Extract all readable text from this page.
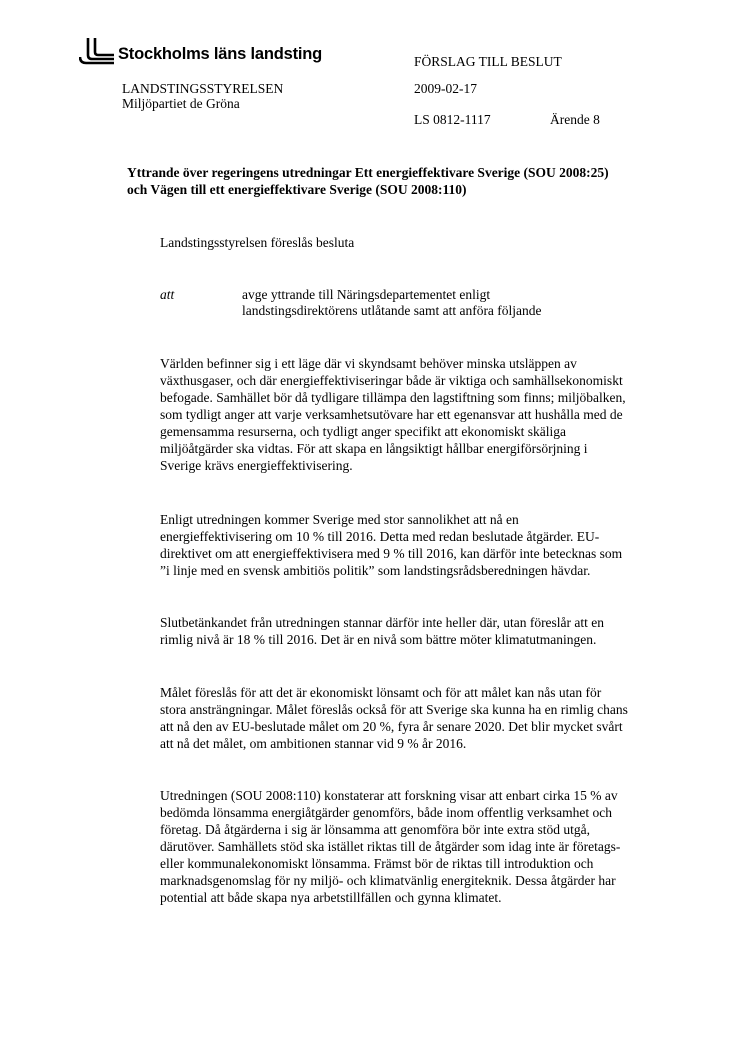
Stockholms läns landsting
LANDSTINGSSTYRELSEN
Miljöpartiet de Gröna
FÖRSLAG TILL BESLUT
2009-02-17
LS 0812-1117	Ärende 8
Yttrande över regeringens utredningar Ett energieffektivare Sverige (SOU 2008:25) och Vägen till ett energieffektivare Sverige (SOU 2008:110)
Landstingsstyrelsen föreslås besluta
att	avge yttrande till Näringsdepartementet enligt
landstingsdirektörens utlåtande samt att anföra följande
Världen befinner sig i ett läge där vi skyndsamt behöver minska utsläppen av växthusgaser, och där energieffektiviseringar både är viktiga och samhällsekonomiskt befogade. Samhället bör då tydligare tillämpa den lagstiftning som finns; miljöbalken, som tydligt anger att varje verksamhetsutövare har ett egenansvar att hushålla med de gemensamma resurserna, och tydligt anger specifikt att ekonomiskt skäliga miljöåtgärder ska vidtas. För att skapa en långsiktigt hållbar energiförsörjning i Sverige krävs energieffektivisering.
Enligt utredningen kommer Sverige med stor sannolikhet att nå en energieffektivisering om 10 % till 2016. Detta med redan beslutade åtgärder. EU-direktivet om att energieffektivisera med 9 % till 2016, kan därför inte betecknas som ”i linje med en svensk ambitiös politik” som landstingsrådsberedningen hävdar.
Slutbetänkandet från utredningen stannar därför inte heller där, utan föreslår att en rimlig nivå är 18 % till 2016. Det är en nivå som bättre möter klimatutmaningen.
Målet föreslås för att det är ekonomiskt lönsamt och för att målet kan nås utan för stora ansträngningar. Målet föreslås också för att Sverige ska kunna ha en rimlig chans att nå den av EU-beslutade målet om 20 %, fyra år senare 2020. Det blir mycket svårt att nå det målet, om ambitionen stannar vid 9 % år 2016.
Utredningen (SOU 2008:110) konstaterar att forskning visar att enbart cirka 15 % av bedömda lönsamma energiåtgärder genomförs, både inom offentlig verksamhet och företag. Då åtgärderna i sig är lönsamma att genomföra bör inte extra stöd utgå, därutöver. Samhällets stöd ska istället riktas till de åtgärder som idag inte är företags- eller kommunalekonomiskt lönsamma. Främst bör de riktas till introduktion och marknadsgenomslag för ny miljö- och klimatvänlig energiteknik. Dessa åtgärder har potential att både skapa nya arbetstillfällen och gynna klimatet.
